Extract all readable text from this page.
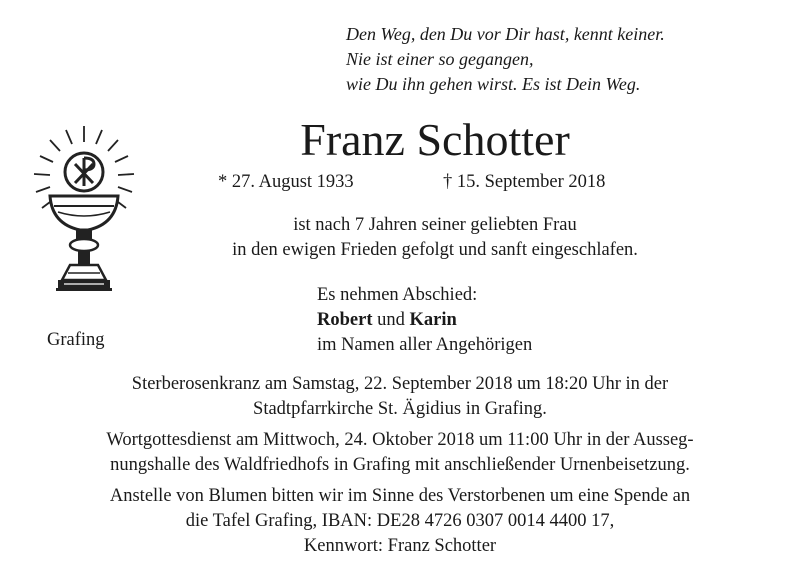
Den Weg, den Du vor Dir hast, kennt keiner.
Nie ist einer so gegangen,
wie Du ihn gehen wirst. Es ist Dein Weg.
Franz Schotter
* 27. August 1933	† 15. September 2018
ist nach 7 Jahren seiner geliebten Frau
in den ewigen Frieden gefolgt und sanft eingeschlafen.
Es nehmen Abschied:
Robert und Karin
im Namen aller Angehörigen
Grafing
Sterberosenkranz am Samstag, 22. September 2018 um 18:20 Uhr in der
Stadtpfarrkirche St. Ägidius in Grafing.
Wortgottesdienst am Mittwoch, 24. Oktober 2018 um 11:00 Uhr in der Ausseg-
nungshalle des Waldfriedhofs in Grafing mit anschließender Urnenbeisetzung.
Anstelle von Blumen bitten wir im Sinne des Verstorbenen um eine Spende an
die Tafel Grafing, IBAN: DE28 4726 0307 0014 4400 17,
Kennwort: Franz Schotter
